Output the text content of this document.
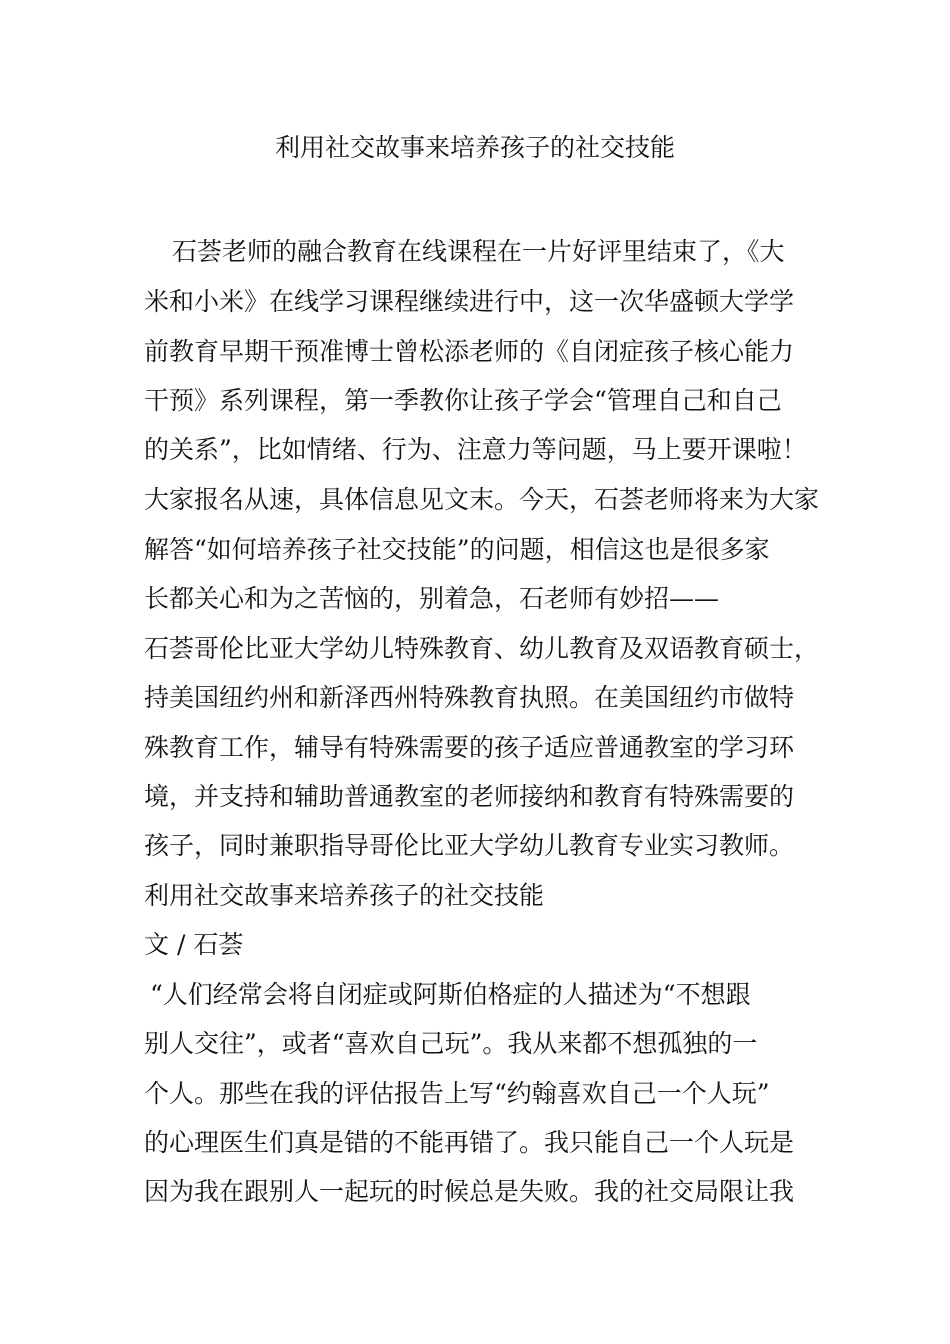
利用社交故事来培养孩子的社交技能
石荟老师的融合教育在线课程在一片好评里结束了，《大
米和小米》在线学习课程继续进行中，这一次华盛顿大学学
前教育早期干预准博士曾松添老师的《自闭症孩子核心能力
干预》系列课程，第一季教你让孩子学会“管理自己和自己
的关系”，比如情绪、行为、注意力等问题，马上要开课啦！
大家报名从速，具体信息见文末。今天，石荟老师将来为大家
解答“如何培养孩子社交技能”的问题，相信这也是很多家
长都关心和为之苦恼的，别着急，石老师有妙招——
石荟哥伦比亚大学幼儿特殊教育、幼儿教育及双语教育硕士，
持美国纽约州和新泽西州特殊教育执照。在美国纽约市做特
殊教育工作，辅导有特殊需要的孩子适应普通教室的学习环
境，并支持和辅助普通教室的老师接纳和教育有特殊需要的
孩子，同时兼职指导哥伦比亚大学幼儿教育专业实习教师。
利用社交故事来培养孩子的社交技能
文 / 石荟
“人们经常会将自闭症或阿斯伯格症的人描述为“不想跟
别人交往”，或者“喜欢自己玩”。我从来都不想孤独的一
个人。那些在我的评估报告上写“约翰喜欢自己一个人玩”
的心理医生们真是错的不能再错了。我只能自己一个人玩是
因为我在跟别人一起玩的时候总是失败。我的社交局限让我
